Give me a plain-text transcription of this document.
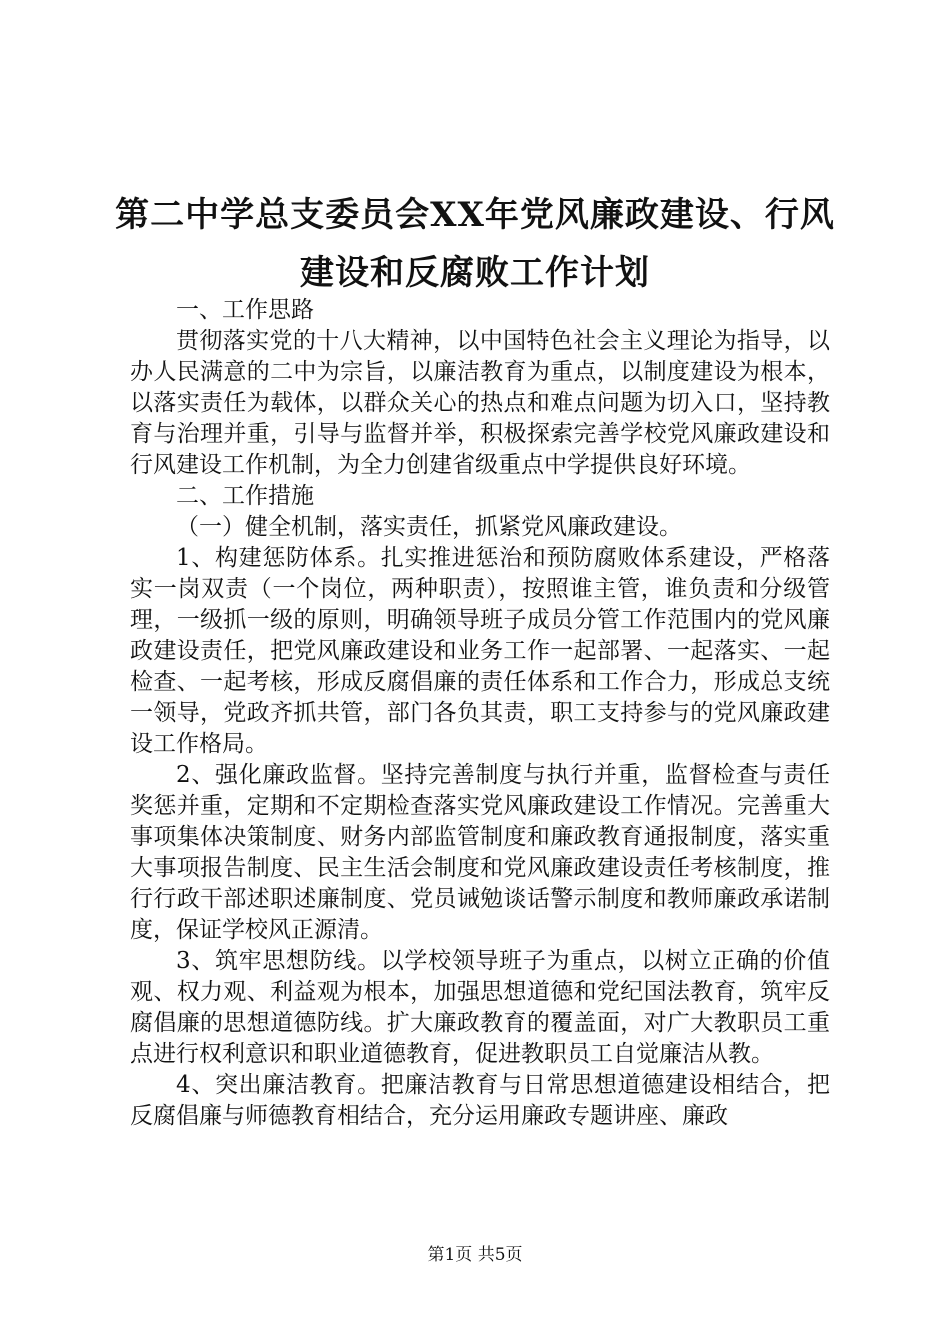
第二中学总支委员会XX年党风廉政建设、行风建设和反腐败工作计划

一、工作思路

贯彻落实党的十八大精神，以中国特色社会主义理论为指导，以办人民满意的二中为宗旨，以廉洁教育为重点，以制度建设为根本，以落实责任为载体，以群众关心的热点和难点问题为切入口，坚持教育与治理并重，引导与监督并举，积极探索完善学校党风廉政建设和行风建设工作机制，为全力创建省级重点中学提供良好环境。

二、工作措施

（一）健全机制，落实责任，抓紧党风廉政建设。

1、构建惩防体系。扎实推进惩治和预防腐败体系建设，严格落实一岗双责（一个岗位，两种职责），按照谁主管，谁负责和分级管理，一级抓一级的原则，明确领导班子成员分管工作范围内的党风廉政建设责任，把党风廉政建设和业务工作一起部署、一起落实、一起检查、一起考核，形成反腐倡廉的责任体系和工作合力，形成总支统一领导，党政齐抓共管，部门各负其责，职工支持参与的党风廉政建设工作格局。

2、强化廉政监督。坚持完善制度与执行并重，监督检查与责任奖惩并重，定期和不定期检查落实党风廉政建设工作情况。完善重大事项集体决策制度、财务内部监管制度和廉政教育通报制度，落实重大事项报告制度、民主生活会制度和党风廉政建设责任考核制度，推行行政干部述职述廉制度、党员诫勉谈话警示制度和教师廉政承诺制度，保证学校风正源清。

3、筑牢思想防线。以学校领导班子为重点，以树立正确的价值观、权力观、利益观为根本，加强思想道德和党纪国法教育，筑牢反腐倡廉的思想道德防线。扩大廉政教育的覆盖面，对广大教职员工重点进行权利意识和职业道德教育，促进教职员工自觉廉洁从教。

4、突出廉洁教育。把廉洁教育与日常思想道德建设相结合，把反腐倡廉与师德教育相结合，充分运用廉政专题讲座、廉政

第1页 共5页
